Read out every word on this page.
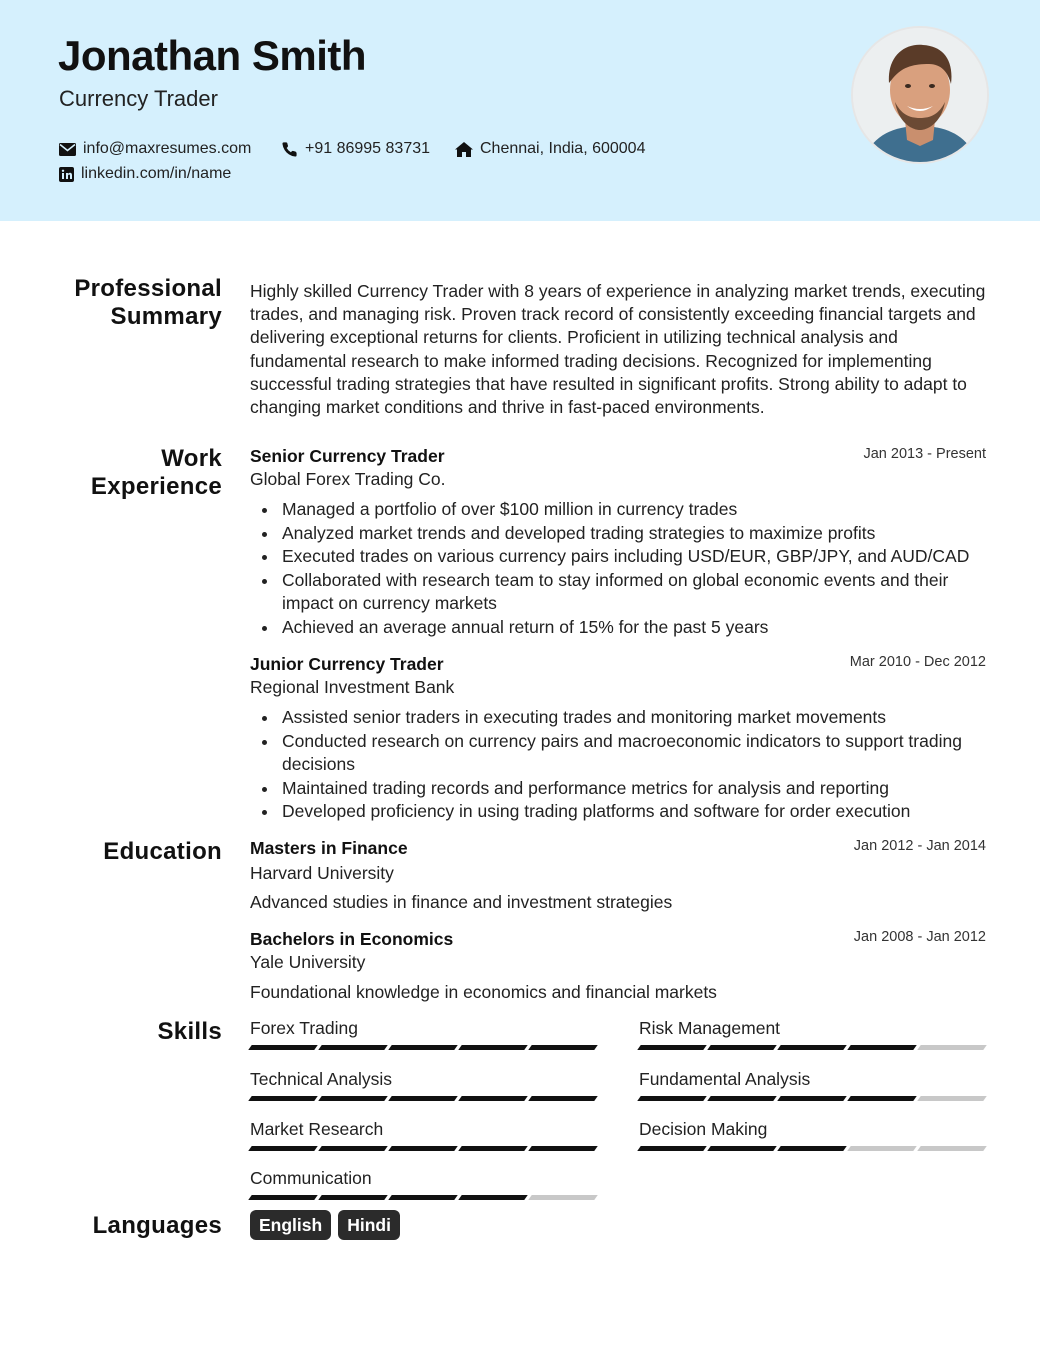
Jonathan Smith
Currency Trader
info@maxresumes.com	+91 86995 83731	Chennai, India, 600004
linkedin.com/in/name
Professional
Summary
Highly skilled Currency Trader with 8 years of experience in analyzing market trends, executing trades, and managing risk. Proven track record of consistently exceeding financial targets and delivering exceptional returns for clients. Proficient in utilizing technical analysis and fundamental research to make informed trading decisions. Recognized for implementing successful trading strategies that have resulted in significant profits. Strong ability to adapt to changing market conditions and thrive in fast-paced environments.
Work
Experience
Senior Currency Trader	Jan 2013 - Present
Global Forex Trading Co.
Managed a portfolio of over $100 million in currency trades
Analyzed market trends and developed trading strategies to maximize profits
Executed trades on various currency pairs including USD/EUR, GBP/JPY, and AUD/CAD
Collaborated with research team to stay informed on global economic events and their impact on currency markets
Achieved an average annual return of 15% for the past 5 years
Junior Currency Trader	Mar 2010 - Dec 2012
Regional Investment Bank
Assisted senior traders in executing trades and monitoring market movements
Conducted research on currency pairs and macroeconomic indicators to support trading decisions
Maintained trading records and performance metrics for analysis and reporting
Developed proficiency in using trading platforms and software for order execution
Education Masters in Finance	Jan 2012 - Jan 2014
Harvard University
Advanced studies in finance and investment strategies
Bachelors in Economics	Jan 2008 - Jan 2012
Yale University
Foundational knowledge in economics and financial markets
Skills Forex Trading	Risk Management
Technical Analysis	Fundamental Analysis
Market Research	Decision Making
Communication
Languages	English	Hindi
